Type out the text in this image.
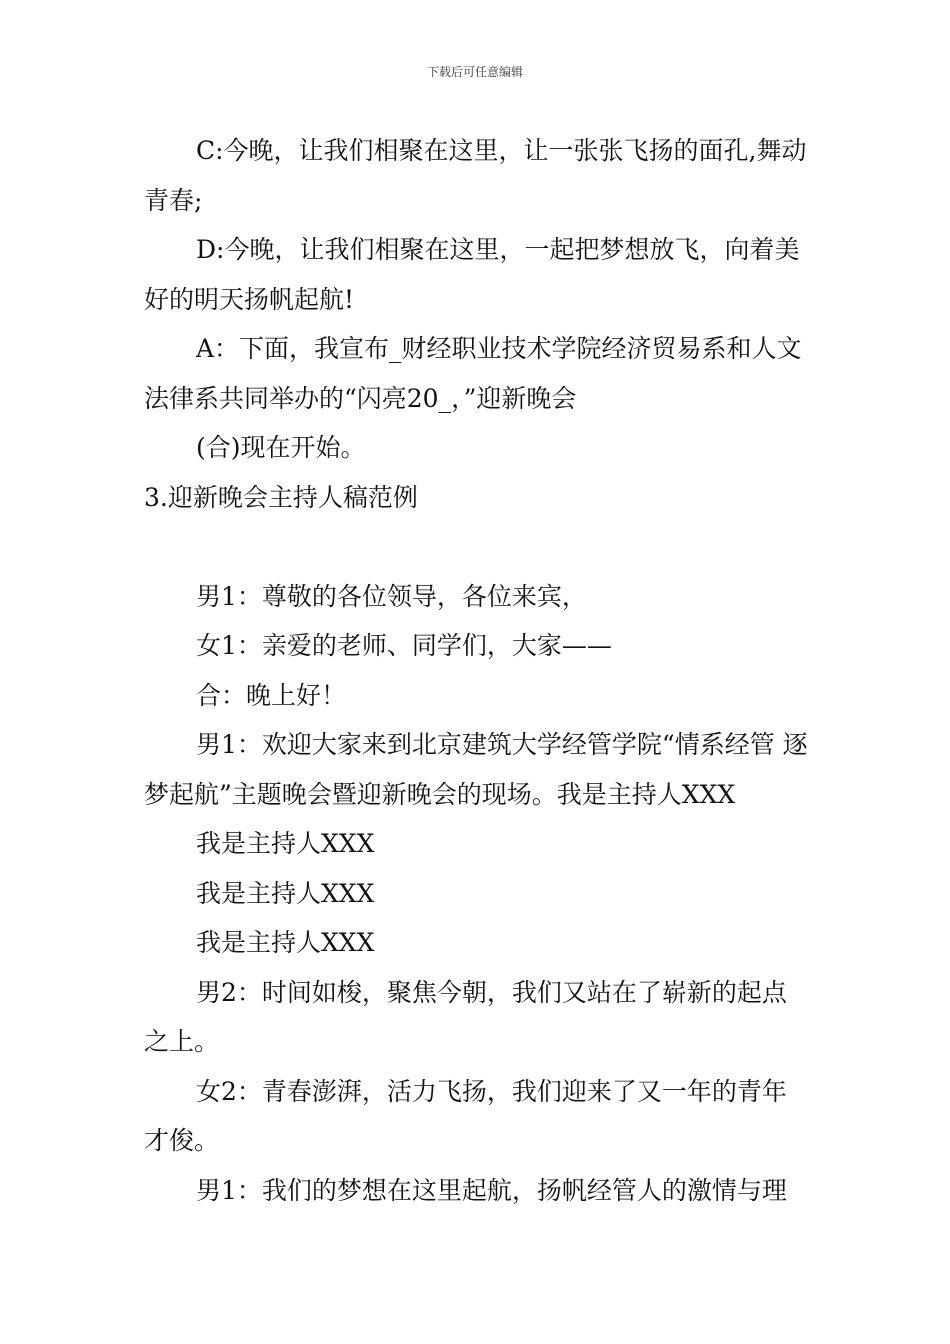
下载后可任意编辑

C:今晚，让我们相聚在这里，让一张张飞扬的面孔,舞动青春;

D:今晚，让我们相聚在这里，一起把梦想放飞，向着美好的明天扬帆起航!

A：下面，我宣布_财经职业技术学院经济贸易系和人文法律系共同举办的“闪亮20_，”迎新晚会

(合)现在开始。

3.迎新晚会主持人稿范例

男1：尊敬的各位领导，各位来宾，

女1：亲爱的老师、同学们，大家——

合：晚上好！

男1：欢迎大家来到北京建筑大学经管学院“情系经管 逐梦起航”主题晚会暨迎新晚会的现场。我是主持人XXX

我是主持人XXX

我是主持人XXX

我是主持人XXX

男2：时间如梭，聚焦今朝，我们又站在了崭新的起点之上。

女2：青春澎湃，活力飞扬，我们迎来了又一年的青年才俊。

男1：我们的梦想在这里起航，扬帆经管人的激情与理
